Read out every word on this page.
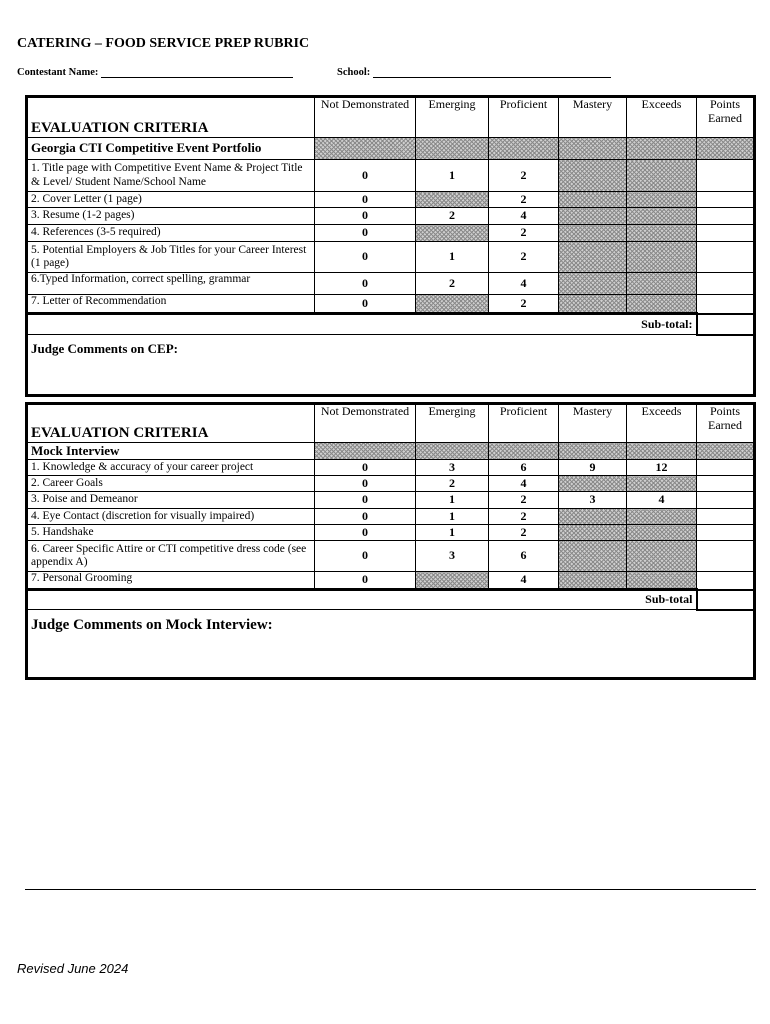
CATERING – FOOD SERVICE PREP RUBRIC
Contestant Name:	School:
EVALUATION CRITERIA	Not Demonstrated	Emerging	Proficient	Mastery	Exceeds	Points Earned
Georgia CTI Competitive Event Portfolio						
1. Title page with Competitive Event Name & Project Title & Level/ Student Name/School Name	0	1	2			
2. Cover Letter (1 page)	0		2			
3. Resume (1-2 pages)	0	2	4			
4. References (3-5 required)	0		2			
5. Potential Employers & Job Titles for your Career Interest (1 page)	0	1	2			
6.Typed Information, correct spelling, grammar	0	2	4			
7. Letter of Recommendation	0		2			
Sub-total:						
Judge Comments on CEP:						
EVALUATION CRITERIA	Not Demonstrated	Emerging	Proficient	Mastery	Exceeds	Points Earned
Mock Interview						
1. Knowledge & accuracy of your career project	0	3	6	9	12	
2. Career Goals	0	2	4			
3. Poise and Demeanor	0	1	2	3	4	
4. Eye Contact (discretion for visually impaired)	0	1	2			
5. Handshake	0	1	2			
6. Career Specific Attire or CTI competitive dress code (see appendix A)	0	3	6			
7. Personal Grooming	0		4			
Sub-total						
Judge Comments on Mock Interview:						
Revised June 2024
